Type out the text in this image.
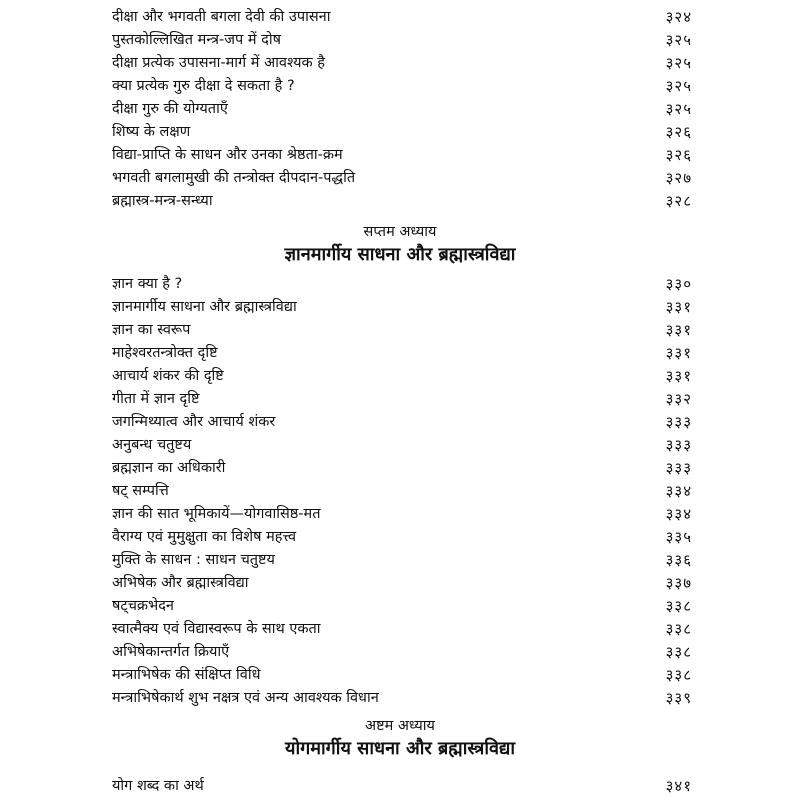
दीक्षा और भगवती बगला देवी की उपासना	३२४
पुस्तकोल्लिखित मन्त्र-जप में दोष	३२५
दीक्षा प्रत्येक उपासना-मार्ग में आवश्यक है	३२५
क्या प्रत्येक गुरु दीक्षा दे सकता है ?	३२५
दीक्षा गुरु की योग्यताएँ	३२५
शिष्य के लक्षण	३२६
विद्या-प्राप्ति के साधन और उनका श्रेष्ठता-क्रम	३२६
भगवती बगलामुखी की तन्त्रोक्त दीपदान-पद्धति	३२७
ब्रह्मास्त्र-मन्त्र-सन्ध्या	३२८
सप्तम अध्याय
ज्ञानमार्गीय साधना और ब्रह्मास्त्रविद्या
ज्ञान क्या है ?	३३०
ज्ञानमार्गीय साधना और ब्रह्मास्त्रविद्या	३३१
ज्ञान का स्वरूप	३३१
माहेश्वरतन्त्रोक्त दृष्टि	३३१
आचार्य शंकर की दृष्टि	३३१
गीता में ज्ञान दृष्टि	३३२
जगन्मिथ्यात्व और आचार्य शंकर	३३३
अनुबन्ध चतुष्टय	३३३
ब्रह्मज्ञान का अधिकारी	३३३
षट् सम्पत्ति	३३४
ज्ञान की सात भूमिकायें—योगवासिष्ठ-मत	३३४
वैराग्य एवं मुमुक्षुता का विशेष महत्त्व	३३५
मुक्ति के साधन : साधन चतुष्टय	३३६
अभिषेक और ब्रह्मास्त्रविद्या	३३७
षट्चक्रभेदन	३३८
स्वात्मैक्य एवं विद्यास्वरूप के साथ एकता	३३८
अभिषेकान्तर्गत क्रियाएँ	३३८
मन्त्राभिषेक की संक्षिप्त विधि	३३८
मन्त्राभिषेकार्थ शुभ नक्षत्र एवं अन्य आवश्यक विधान	३३९
अष्टम अध्याय
योगमार्गीय साधना और ब्रह्मास्त्रविद्या
योग शब्द का अर्थ	३४१
